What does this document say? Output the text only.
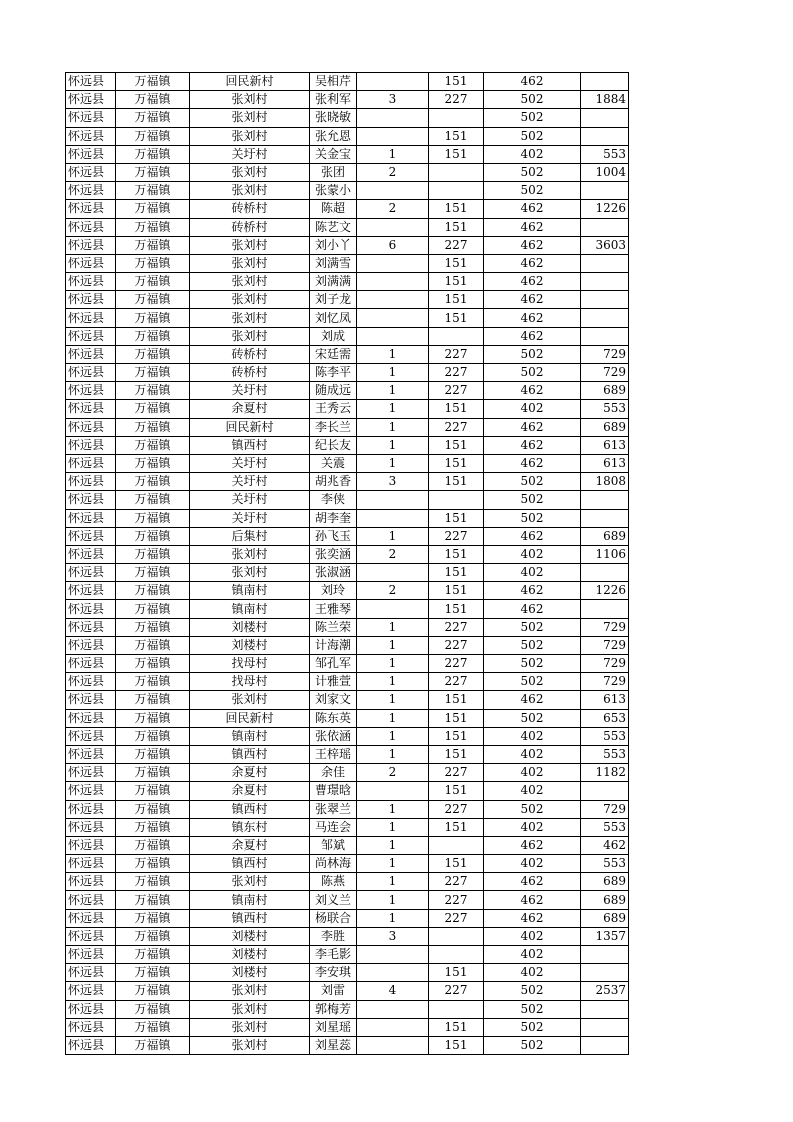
怀远县	万福镇	回民新村	吴相芹		151	462	
怀远县	万福镇	张刘村	张利军	3	227	502	1884
怀远县	万福镇	张刘村	张晓敏			502	
怀远县	万福镇	张刘村	张允恩		151	502	
怀远县	万福镇	关圩村	关金宝	1	151	402	553
怀远县	万福镇	张刘村	张团	2		502	1004
怀远县	万福镇	张刘村	张蒙小			502	
怀远县	万福镇	砖桥村	陈超	2	151	462	1226
怀远县	万福镇	砖桥村	陈艺文		151	462	
怀远县	万福镇	张刘村	刘小丫	6	227	462	3603
怀远县	万福镇	张刘村	刘满雪		151	462	
怀远县	万福镇	张刘村	刘满满		151	462	
怀远县	万福镇	张刘村	刘子龙		151	462	
怀远县	万福镇	张刘村	刘忆凤		151	462	
怀远县	万福镇	张刘村	刘成			462	
怀远县	万福镇	砖桥村	宋廷需	1	227	502	729
怀远县	万福镇	砖桥村	陈李平	1	227	502	729
怀远县	万福镇	关圩村	随成远	1	227	462	689
怀远县	万福镇	余夏村	王秀云	1	151	402	553
怀远县	万福镇	回民新村	李长兰	1	227	462	689
怀远县	万福镇	镇西村	纪长友	1	151	462	613
怀远县	万福镇	关圩村	关震	1	151	462	613
怀远县	万福镇	关圩村	胡兆香	3	151	502	1808
怀远县	万福镇	关圩村	李侠			502	
怀远县	万福镇	关圩村	胡李奎		151	502	
怀远县	万福镇	后集村	孙飞玉	1	227	462	689
怀远县	万福镇	张刘村	张奕涵	2	151	402	1106
怀远县	万福镇	张刘村	张淑涵		151	402	
怀远县	万福镇	镇南村	刘玲	2	151	462	1226
怀远县	万福镇	镇南村	王雅琴		151	462	
怀远县	万福镇	刘楼村	陈兰荣	1	227	502	729
怀远县	万福镇	刘楼村	计海潮	1	227	502	729
怀远县	万福镇	找母村	邹孔军	1	227	502	729
怀远县	万福镇	找母村	计雅萱	1	227	502	729
怀远县	万福镇	张刘村	刘家文	1	151	462	613
怀远县	万福镇	回民新村	陈东英	1	151	502	653
怀远县	万福镇	镇南村	张依涵	1	151	402	553
怀远县	万福镇	镇西村	王梓瑶	1	151	402	553
怀远县	万福镇	余夏村	余佳	2	227	402	1182
怀远县	万福镇	余夏村	曹璟晗		151	402	
怀远县	万福镇	镇西村	张翠兰	1	227	502	729
怀远县	万福镇	镇东村	马连会	1	151	402	553
怀远县	万福镇	余夏村	邹斌	1		462	462
怀远县	万福镇	镇西村	尚林海	1	151	402	553
怀远县	万福镇	张刘村	陈燕	1	227	462	689
怀远县	万福镇	镇南村	刘义兰	1	227	462	689
怀远县	万福镇	镇西村	杨联合	1	227	462	689
怀远县	万福镇	刘楼村	李胜	3		402	1357
怀远县	万福镇	刘楼村	李毛影			402	
怀远县	万福镇	刘楼村	李安琪		151	402	
怀远县	万福镇	张刘村	刘雷	4	227	502	2537
怀远县	万福镇	张刘村	郭梅芳			502	
怀远县	万福镇	张刘村	刘星瑶		151	502	
怀远县	万福镇	张刘村	刘星蕊		151	502	
